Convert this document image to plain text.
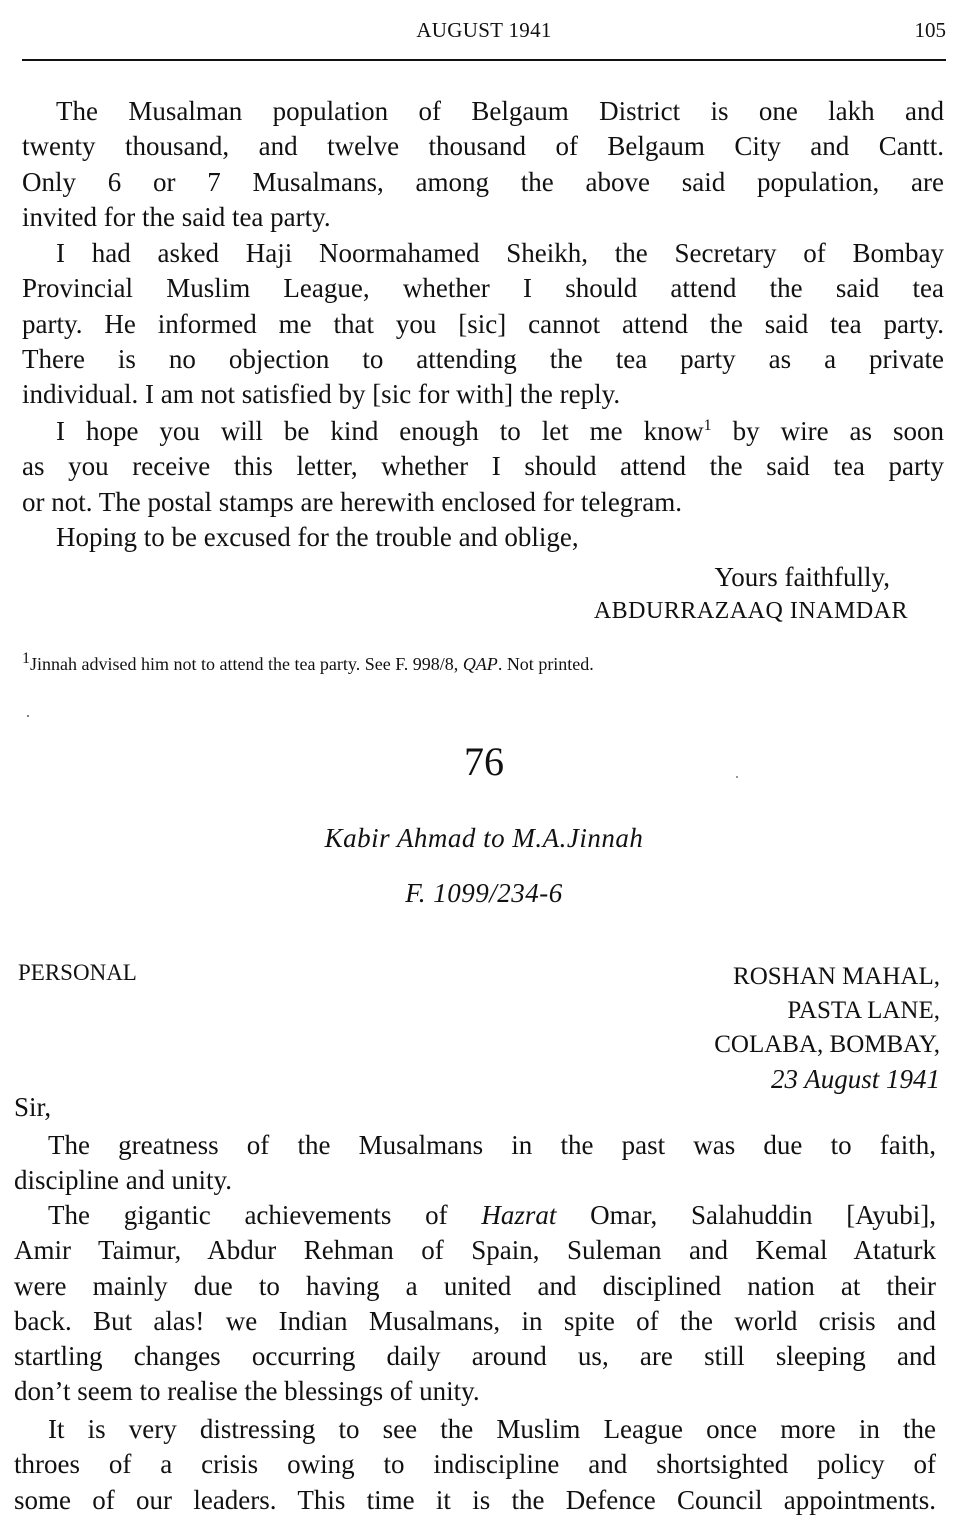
AUGUST 1941	105
The Musalman population of Belgaum District is one lakh and
twenty thousand, and twelve thousand of Belgaum City and Cantt.
Only 6 or 7 Musalmans, among the above said population, are
invited for the said tea party.
I had asked Haji Noormahamed Sheikh, the Secretary of Bombay
Provincial Muslim League, whether I should attend the said tea
party. He informed me that you [sic] cannot attend the said tea party.
There is no objection to attending the tea party as a private
individual. I am not satisfied by [sic for with] the reply.
I hope you will be kind enough to let me know$^1$ by wire as soon
as you receive this letter, whether I should attend the said tea party
or not. The postal stamps are herewith enclosed for telegram.
Hoping to be excused for the trouble and oblige,
Yours faithfully,
ABDURRAZAAQ INAMDAR
$^1$Jinnah advised him not to attend the tea party. See F. 998/8, QAP. Not printed.
76
Kabir Ahmad to M.A.Jinnah
F. 1099/234-6
PERSONAL	ROSHAN MAHAL,
PASTA LANE,
COLABA, BOMBAY,
23 August 1941
Sir,
The greatness of the Musalmans in the past was due to faith,
discipline and unity.
The gigantic achievements of Hazrat Omar, Salahuddin [Ayubi],
Amir Taimur, Abdur Rehman of Spain, Suleman and Kemal Ataturk
were mainly due to having a united and disciplined nation at their
back. But alas! we Indian Musalmans, in spite of the world crisis and
startling changes occurring daily around us, are still sleeping and
don’t seem to realise the blessings of unity.
It is very distressing to see the Muslim League once more in the
throes of a crisis owing to indiscipline and shortsighted policy of
some of our leaders. This time it is the Defence Council appointments.
